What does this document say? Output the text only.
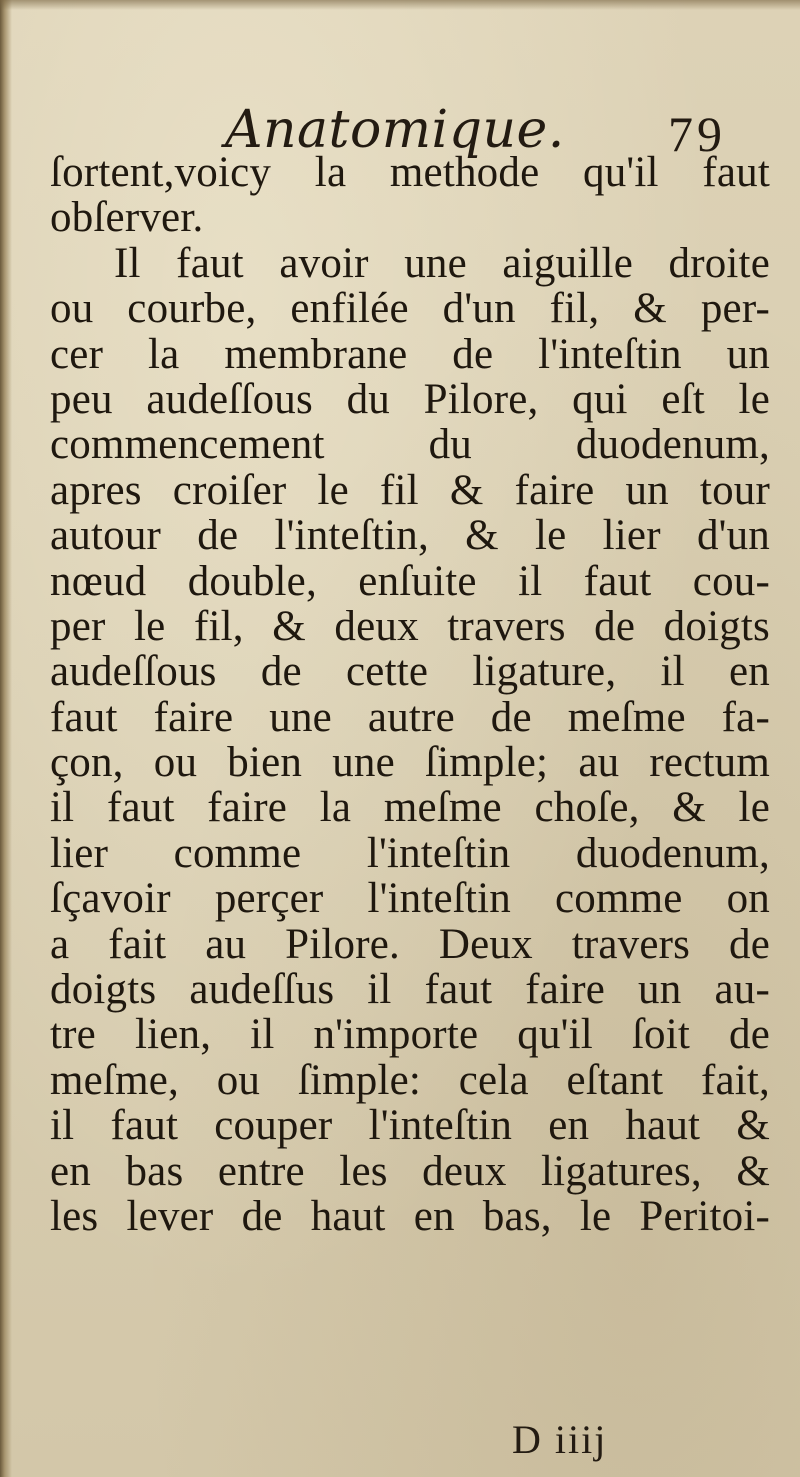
Anatomique. 79
ſortent,voicy la methode qu'il faut
obſerver.
Il faut avoir une aiguille droite
ou courbe, enfilée d'un fil, & per-
cer la membrane de l'inteſtin un
peu audeſſous du Pilore, qui eſt le
commencement du duodenum,
apres croiſer le fil & faire un tour
autour de l'inteſtin, & le lier d'un
nœud double, enſuite il faut cou-
per le fil, & deux travers de doigts
audeſſous de cette ligature, il en
faut faire une autre de meſme fa-
çon, ou bien une ſimple; au rectum
il faut faire la meſme choſe, & le
lier comme l'inteſtin duodenum,
ſçavoir perçer l'inteſtin comme on
a fait au Pilore. Deux travers de
doigts audeſſus il faut faire un au-
tre lien, il n'importe qu'il ſoit de
meſme, ou ſimple: cela eſtant fait,
il faut couper l'inteſtin en haut &
en bas entre les deux ligatures, &
les lever de haut en bas, le Peritoi-
D iiij
